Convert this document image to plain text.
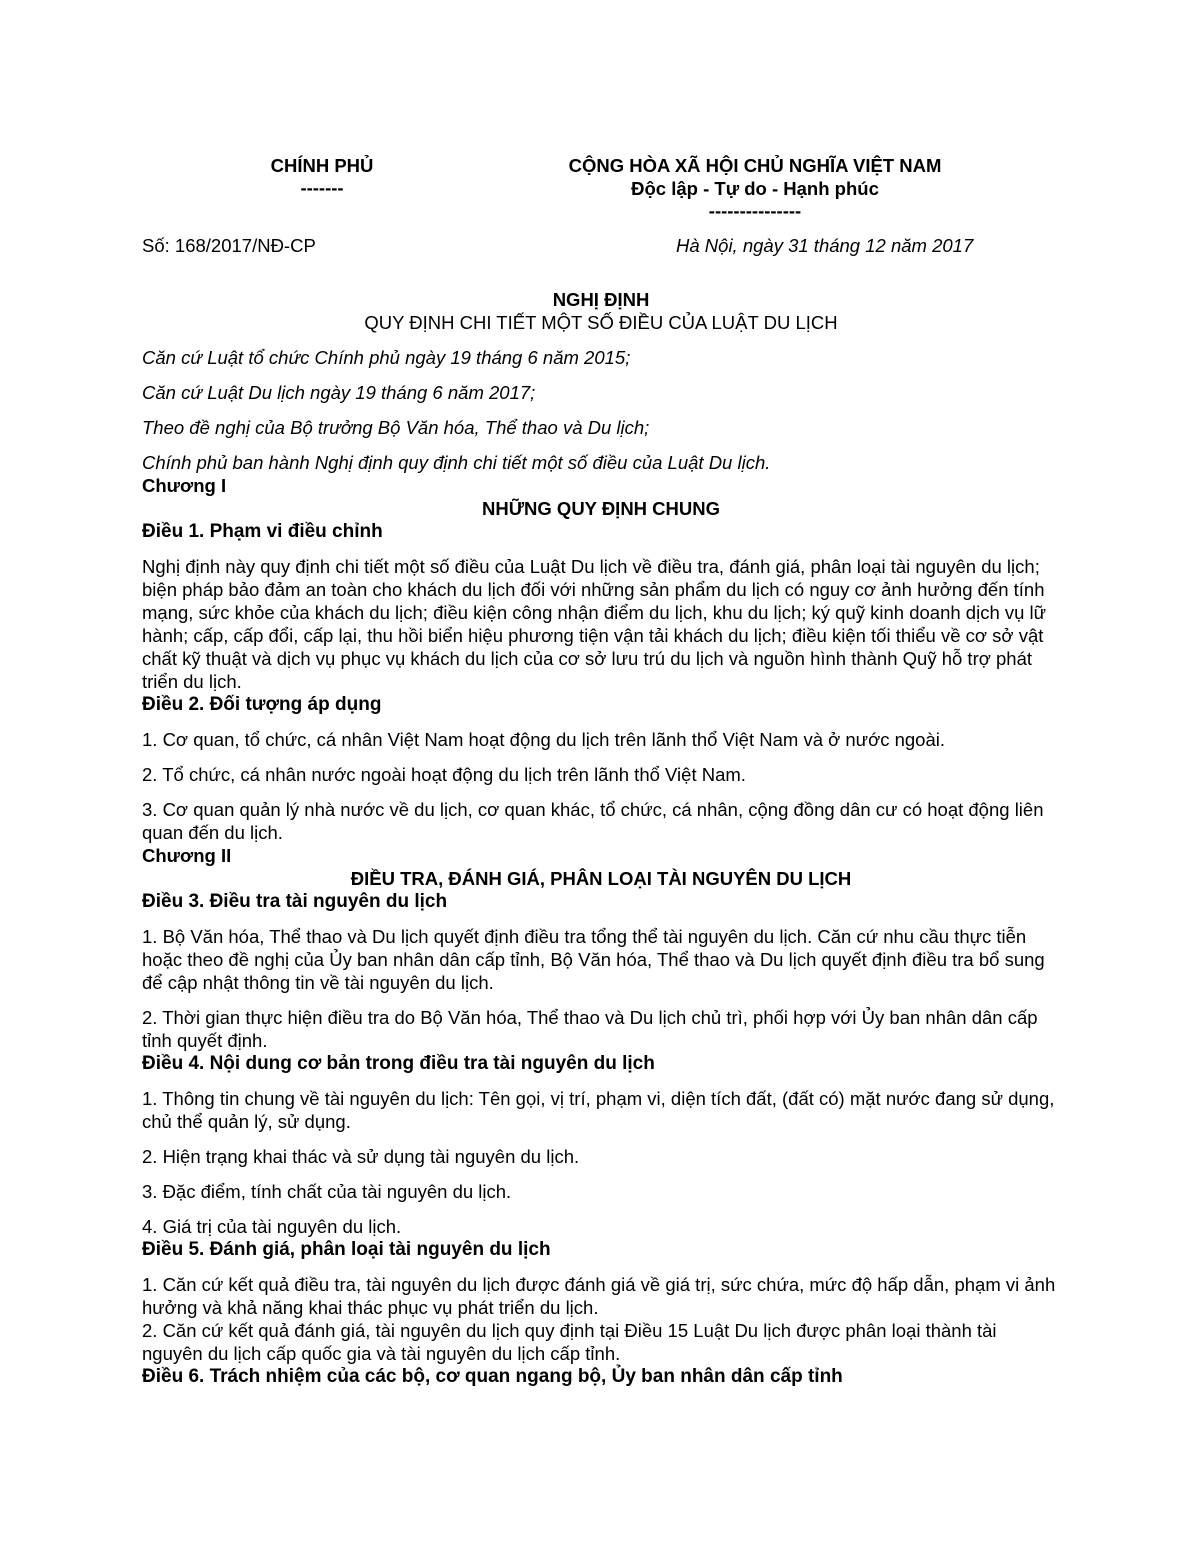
CHÍNH PHỦ
-------
CỘNG HÒA XÃ HỘI CHỦ NGHĨA VIỆT NAM
Độc lập - Tự do - Hạnh phúc
---------------
Số: 168/2017/NĐ-CP	Hà Nội, ngày 31 tháng 12 năm 2017
NGHỊ ĐỊNH
QUY ĐỊNH CHI TIẾT MỘT SỐ ĐIỀU CỦA LUẬT DU LỊCH

Căn cứ Luật tổ chức Chính phủ ngày 19 tháng 6 năm 2015;

Căn cứ Luật Du lịch ngày 19 tháng 6 năm 2017;

Theo đề nghị của Bộ trưởng Bộ Văn hóa, Thể thao và Du lịch;

Chính phủ ban hành Nghị định quy định chi tiết một số điều của Luật Du lịch.

Chương I
NHỮNG QUY ĐỊNH CHUNG
Điều 1. Phạm vi điều chỉnh

Nghị định này quy định chi tiết một số điều của Luật Du lịch về điều tra, đánh giá, phân loại tài nguyên du lịch; biện pháp bảo đảm an toàn cho khách du lịch đối với những sản phẩm du lịch có nguy cơ ảnh hưởng đến tính mạng, sức khỏe của khách du lịch; điều kiện công nhận điểm du lịch, khu du lịch; ký quỹ kinh doanh dịch vụ lữ hành; cấp, cấp đổi, cấp lại, thu hồi biển hiệu phương tiện vận tải khách du lịch; điều kiện tối thiểu về cơ sở vật chất kỹ thuật và dịch vụ phục vụ khách du lịch của cơ sở lưu trú du lịch và nguồn hình thành Quỹ hỗ trợ phát triển du lịch.

Điều 2. Đối tượng áp dụng

1. Cơ quan, tổ chức, cá nhân Việt Nam hoạt động du lịch trên lãnh thổ Việt Nam và ở nước ngoài.

2. Tổ chức, cá nhân nước ngoài hoạt động du lịch trên lãnh thổ Việt Nam.

3. Cơ quan quản lý nhà nước về du lịch, cơ quan khác, tổ chức, cá nhân, cộng đồng dân cư có hoạt động liên quan đến du lịch.

Chương II
ĐIỀU TRA, ĐÁNH GIÁ, PHÂN LOẠI TÀI NGUYÊN DU LỊCH
Điều 3. Điều tra tài nguyên du lịch

1. Bộ Văn hóa, Thể thao và Du lịch quyết định điều tra tổng thể tài nguyên du lịch. Căn cứ nhu cầu thực tiễn hoặc theo đề nghị của Ủy ban nhân dân cấp tỉnh, Bộ Văn hóa, Thể thao và Du lịch quyết định điều tra bổ sung để cập nhật thông tin về tài nguyên du lịch.

2. Thời gian thực hiện điều tra do Bộ Văn hóa, Thể thao và Du lịch chủ trì, phối hợp với Ủy ban nhân dân cấp tỉnh quyết định.

Điều 4. Nội dung cơ bản trong điều tra tài nguyên du lịch

1. Thông tin chung về tài nguyên du lịch: Tên gọi, vị trí, phạm vi, diện tích đất, (đất có) mặt nước đang sử dụng, chủ thể quản lý, sử dụng.

2. Hiện trạng khai thác và sử dụng tài nguyên du lịch.

3. Đặc điểm, tính chất của tài nguyên du lịch.

4. Giá trị của tài nguyên du lịch.

Điều 5. Đánh giá, phân loại tài nguyên du lịch

1. Căn cứ kết quả điều tra, tài nguyên du lịch được đánh giá về giá trị, sức chứa, mức độ hấp dẫn, phạm vi ảnh hưởng và khả năng khai thác phục vụ phát triển du lịch.

2. Căn cứ kết quả đánh giá, tài nguyên du lịch quy định tại Điều 15 Luật Du lịch được phân loại thành tài nguyên du lịch cấp quốc gia và tài nguyên du lịch cấp tỉnh.

Điều 6. Trách nhiệm của các bộ, cơ quan ngang bộ, Ủy ban nhân dân cấp tỉnh
